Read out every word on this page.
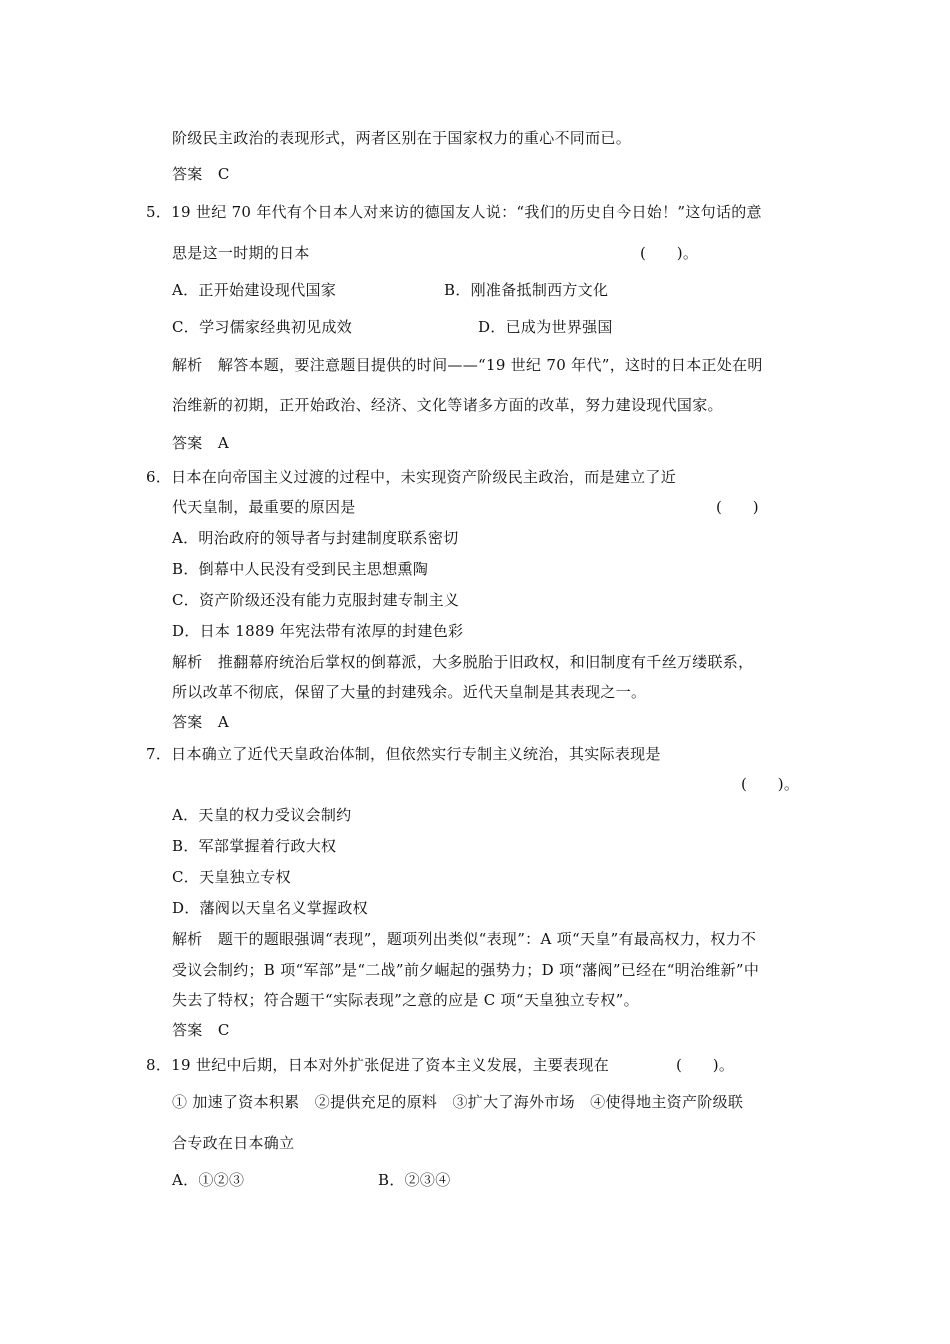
阶级民主政治的表现形式，两者区别在于国家权力的重心不同而已。
答案　C
5．19 世纪 70 年代有个日本人对来访的德国友人说：“我们的历史自今日始！”这句话的意
思是这一时期的日本	(　　)。
A．正开始建设现代国家	B．刚准备抵制西方文化
C．学习儒家经典初见成效	D．已成为世界强国
解析　解答本题，要注意题目提供的时间——“19 世纪 70 年代”，这时的日本正处在明
治维新的初期，正开始政治、经济、文化等诸多方面的改革，努力建设现代国家。
答案　A
6．日本在向帝国主义过渡的过程中，未实现资产阶级民主政治，而是建立了近
代天皇制，最重要的原因是	(　　)
A．明治政府的领导者与封建制度联系密切
B．倒幕中人民没有受到民主思想熏陶
C．资产阶级还没有能力克服封建专制主义
D．日本 1889 年宪法带有浓厚的封建色彩
解析　推翻幕府统治后掌权的倒幕派，大多脱胎于旧政权，和旧制度有千丝万缕联系，
所以改革不彻底，保留了大量的封建残余。近代天皇制是其表现之一。
答案　A
7．日本确立了近代天皇政治体制，但依然实行专制主义统治，其实际表现是
(　　)。
A．天皇的权力受议会制约
B．军部掌握着行政大权
C．天皇独立专权
D．藩阀以天皇名义掌握政权
解析　题干的题眼强调“表现”，题项列出类似“表现”：A 项“天皇”有最高权力，权力不
受议会制约；B 项“军部”是“二战”前夕崛起的强势力；D 项“藩阀”已经在“明治维新”中
失去了特权；符合题干“实际表现”之意的应是 C 项“天皇独立专权”。
答案　C
8．19 世纪中后期，日本对外扩张促进了资本主义发展，主要表现在	(　　)。
① 加速了资本积累　②提供充足的原料　③扩大了海外市场　④使得地主资产阶级联
合专政在日本确立
A．①②③	B．②③④
